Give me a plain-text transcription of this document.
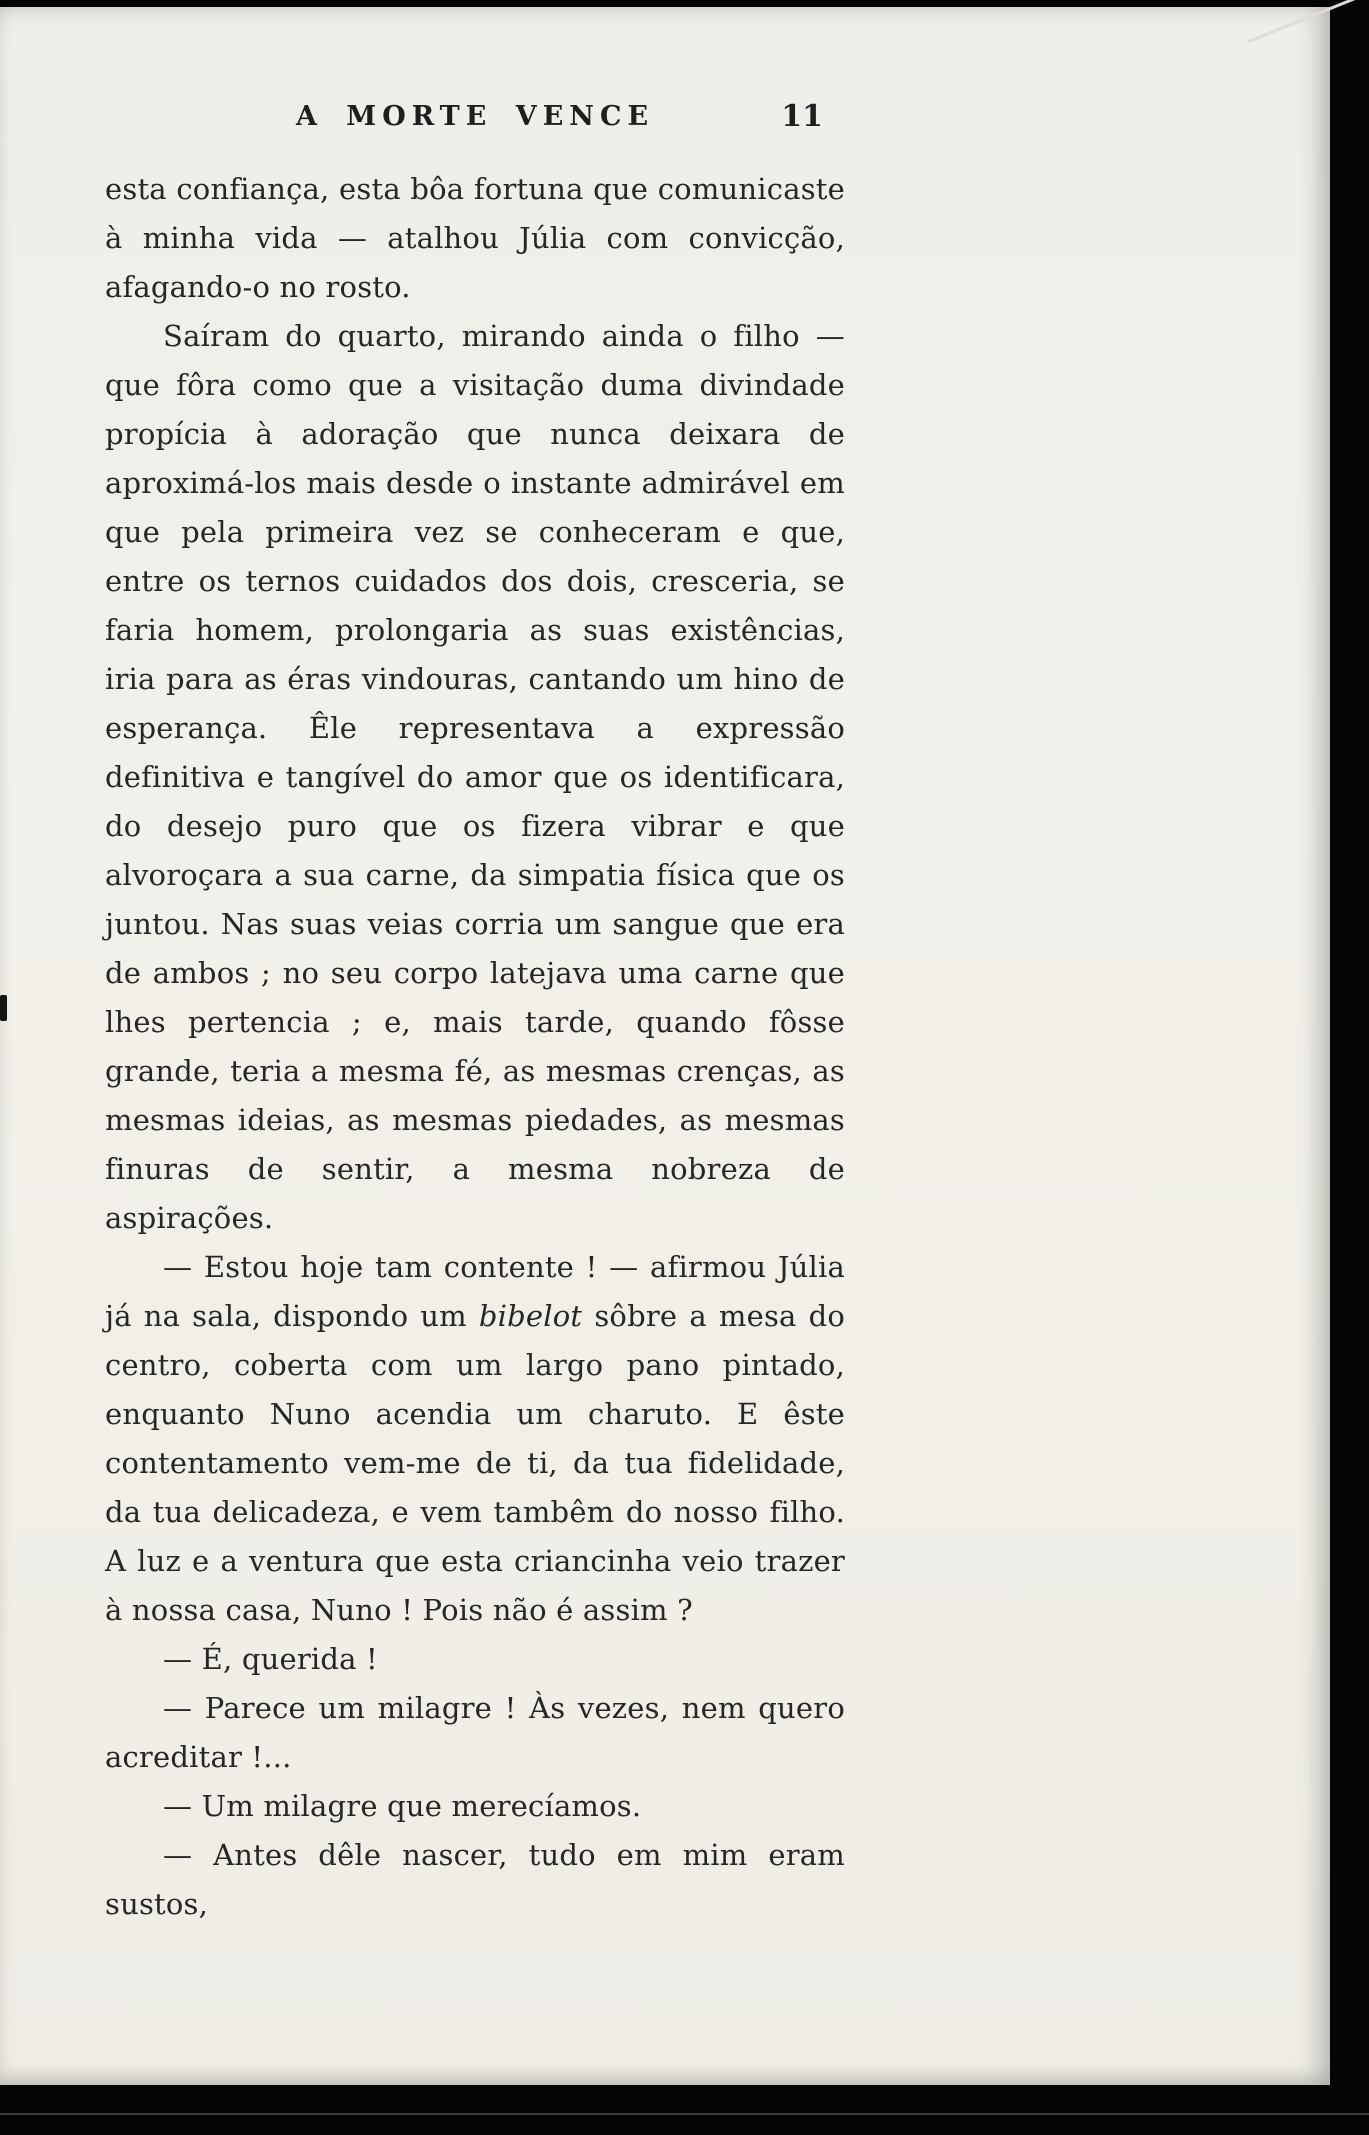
A MORTE VENCE	11

esta confiança, esta bôa fortuna que comunicaste à minha vida — atalhou Júlia com convicção, afagando-o no rosto.

Saíram do quarto, mirando ainda o filho — que fôra como que a visitação duma divindade propícia à adoração que nunca deixara de aproximá-los mais desde o instante admirável em que pela primeira vez se conheceram e que, entre os ternos cuidados dos dois, cresceria, se faria homem, prolongaria as suas existências, iria para as éras vindouras, cantando um hino de esperança. Êle representava a expressão definitiva e tangível do amor que os identificara, do desejo puro que os fizera vibrar e que alvoroçara a sua carne, da simpatia física que os juntou. Nas suas veias corria um sangue que era de ambos ; no seu corpo latejava uma carne que lhes pertencia ; e, mais tarde, quando fôsse grande, teria a mesma fé, as mesmas crenças, as mesmas ideias, as mesmas piedades, as mesmas finuras de sentir, a mesma nobreza de aspirações.

— Estou hoje tam contente ! — afirmou Júlia já na sala, dispondo um bibelot sôbre a mesa do centro, coberta com um largo pano pintado, enquanto Nuno acendia um charuto. E êste contentamento vem-me de ti, da tua fidelidade, da tua delicadeza, e vem tambêm do nosso filho. A luz e a ventura que esta criancinha veio trazer à nossa casa, Nuno ! Pois não é assim ?

— É, querida !

— Parece um milagre ! Às vezes, nem quero acreditar !...

— Um milagre que merecíamos.

— Antes dêle nascer, tudo em mim eram sustos,
